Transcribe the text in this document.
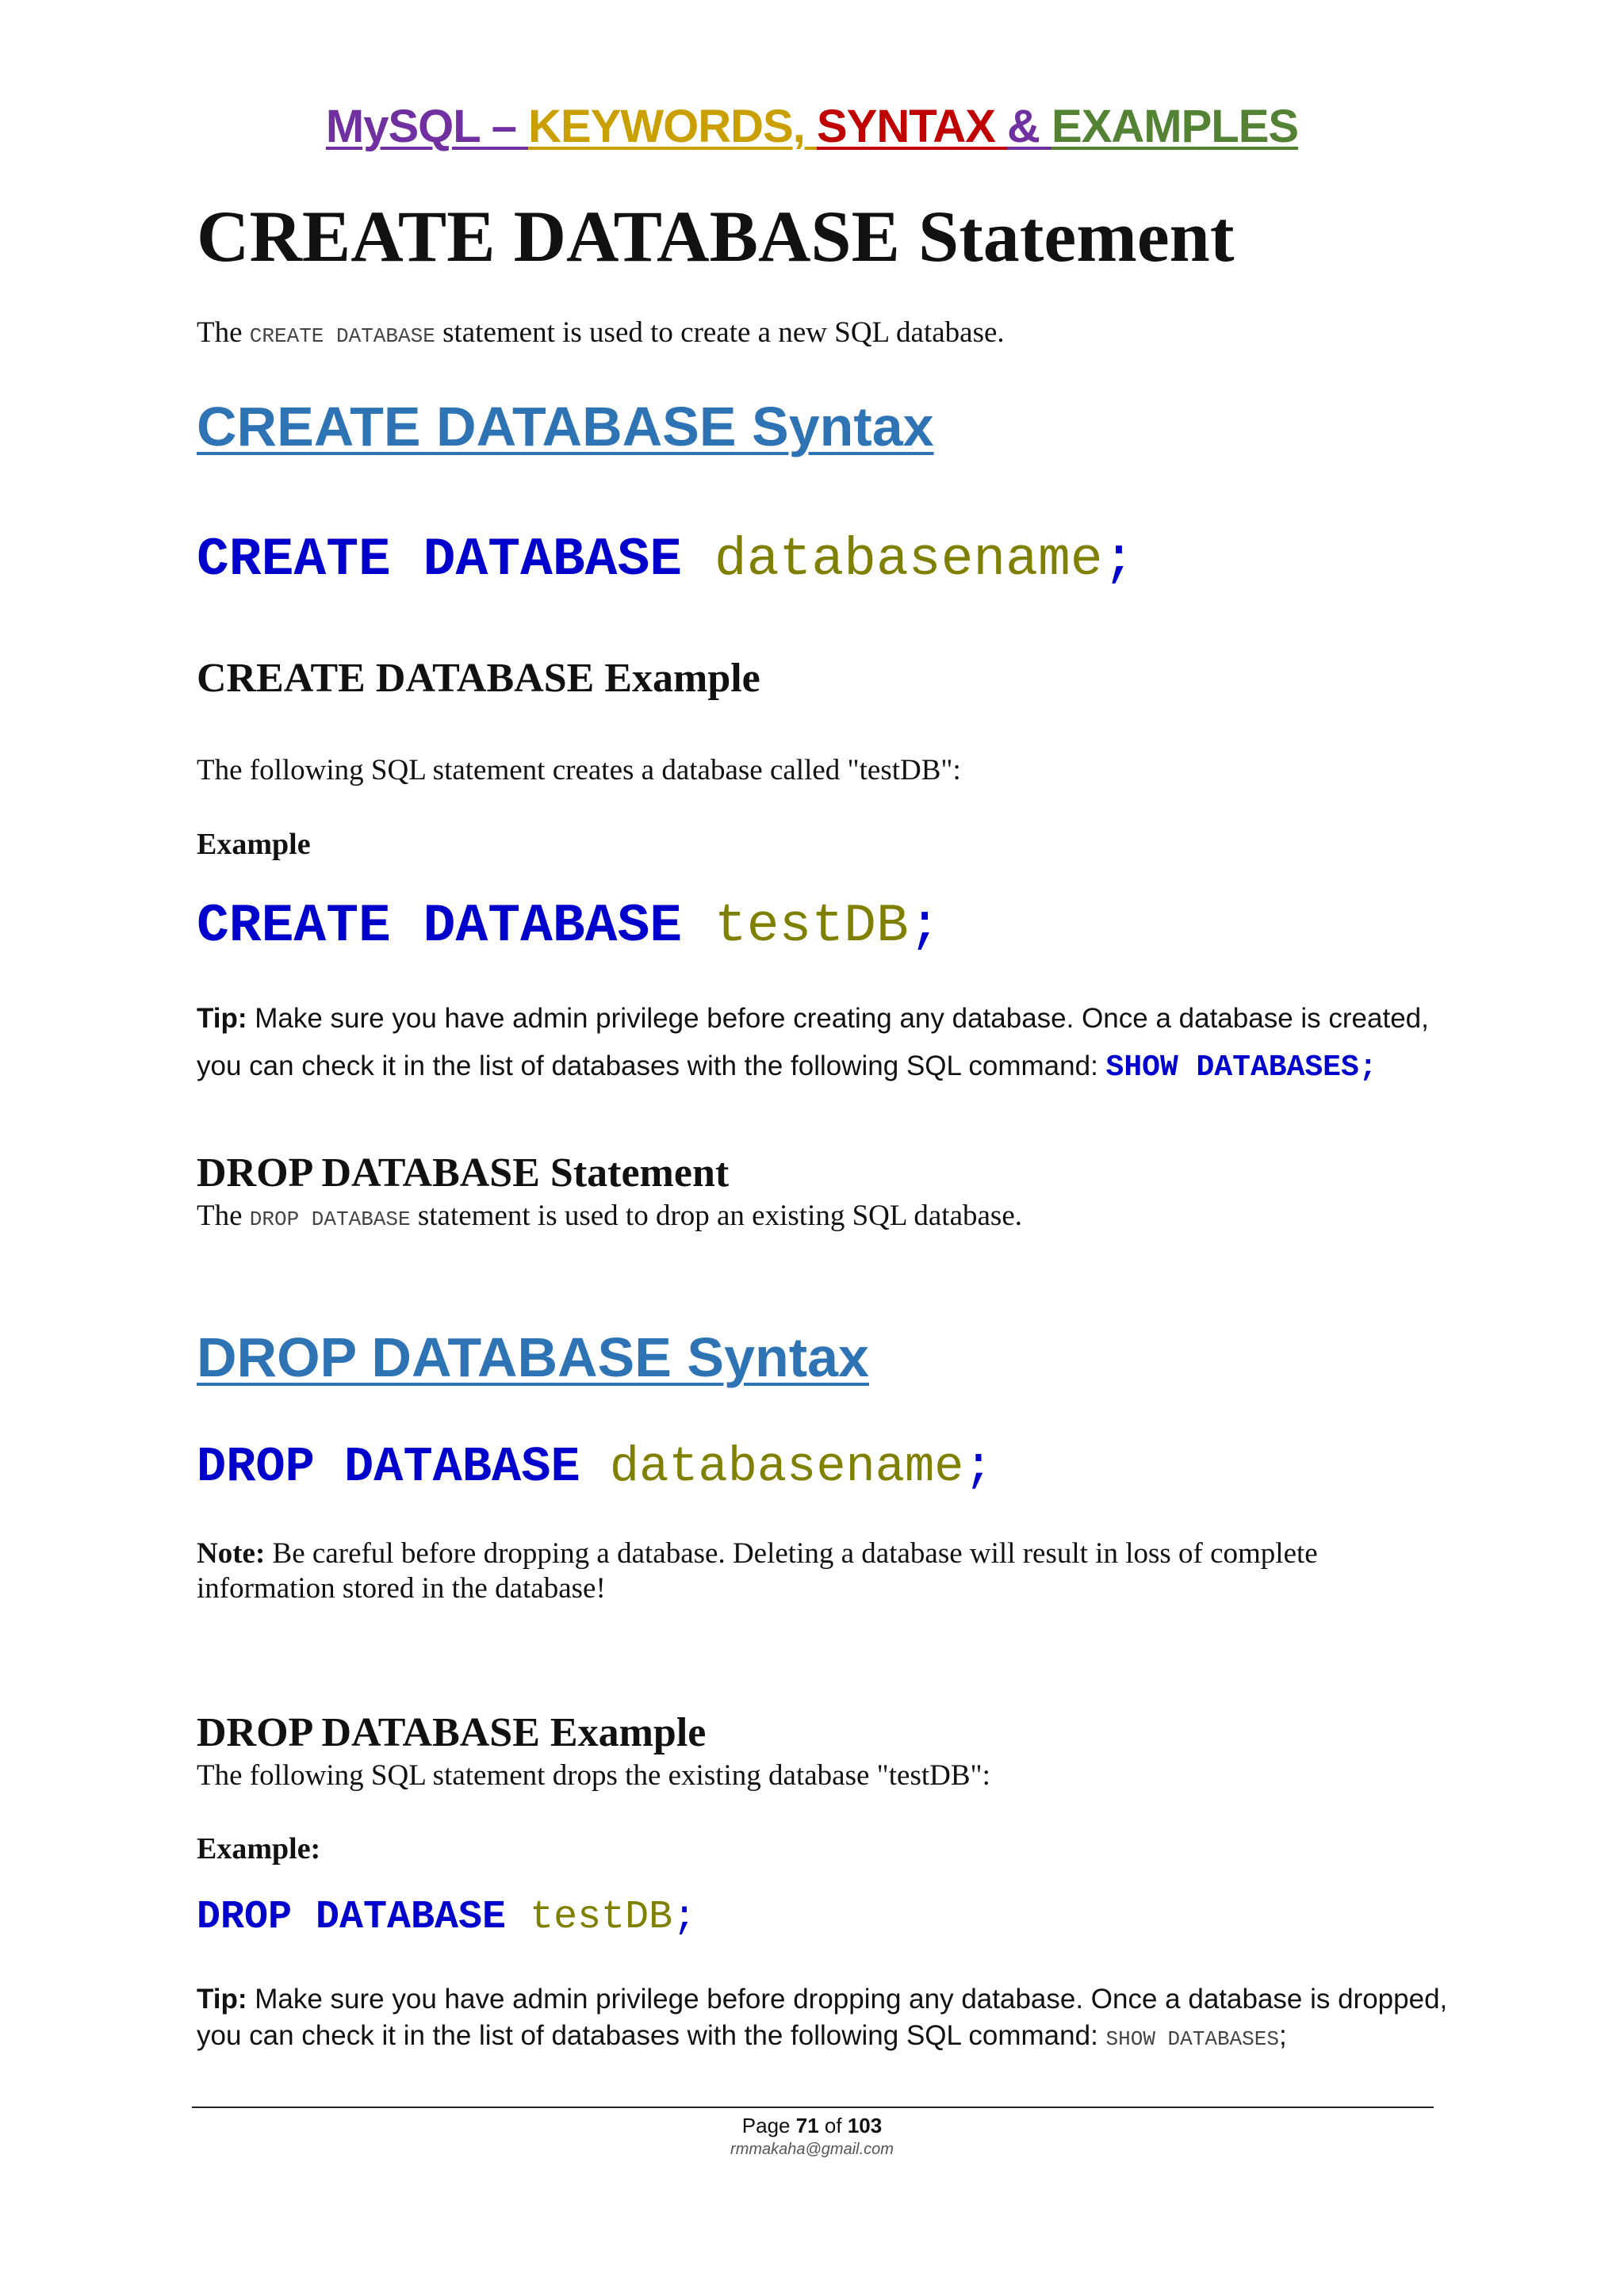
MySQL – KEYWORDS, SYNTAX & EXAMPLES
CREATE DATABASE Statement
The CREATE DATABASE statement is used to create a new SQL database.
CREATE DATABASE Syntax
CREATE DATABASE databasename;
CREATE DATABASE Example
The following SQL statement creates a database called "testDB":
Example
CREATE DATABASE testDB;
Tip: Make sure you have admin privilege before creating any database. Once a database is created,
you can check it in the list of databases with the following SQL command: SHOW DATABASES;
DROP DATABASE Statement
The DROP DATABASE statement is used to drop an existing SQL database.
DROP DATABASE Syntax
DROP DATABASE databasename;
Note: Be careful before dropping a database. Deleting a database will result in loss of complete
information stored in the database!
DROP DATABASE Example
The following SQL statement drops the existing database "testDB":
Example:
DROP DATABASE testDB;
Tip: Make sure you have admin privilege before dropping any database. Once a database is dropped,
you can check it in the list of databases with the following SQL command: SHOW DATABASES;
Page 71 of 103
rmmakaha@gmail.com
